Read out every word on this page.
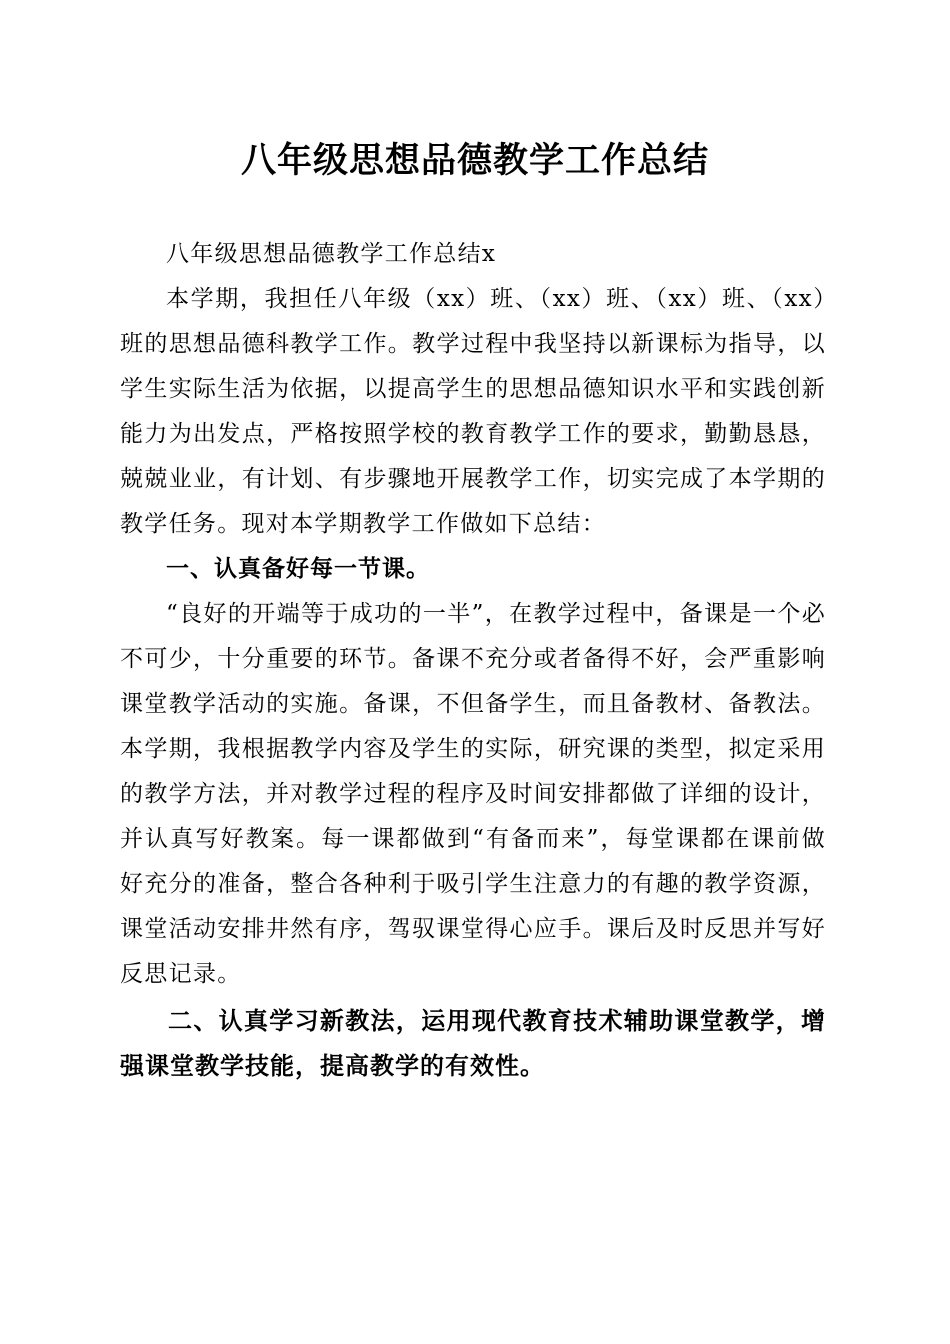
八年级思想品德教学工作总结

八年级思想品德教学工作总结x

本学期，我担任八年级（xx）班、（xx）班、（xx）班、（xx）班的思想品德科教学工作。教学过程中我坚持以新课标为指导，以学生实际生活为依据，以提高学生的思想品德知识水平和实践创新能力为出发点，严格按照学校的教育教学工作的要求，勤勤恳恳，兢兢业业，有计划、有步骤地开展教学工作，切实完成了本学期的教学任务。现对本学期教学工作做如下总结：

一、认真备好每一节课。

“良好的开端等于成功的一半”，在教学过程中，备课是一个必不可少，十分重要的环节。备课不充分或者备得不好，会严重影响课堂教学活动的实施。备课，不但备学生，而且备教材、备教法。本学期，我根据教学内容及学生的实际，研究课的类型，拟定采用的教学方法，并对教学过程的程序及时间安排都做了详细的设计，并认真写好教案。每一课都做到“有备而来”，每堂课都在课前做好充分的准备，整合各种利于吸引学生注意力的有趣的教学资源，课堂活动安排井然有序，驾驭课堂得心应手。课后及时反思并写好反思记录。

二、认真学习新教法，运用现代教育技术辅助课堂教学，增强课堂教学技能，提高教学的有效性。
